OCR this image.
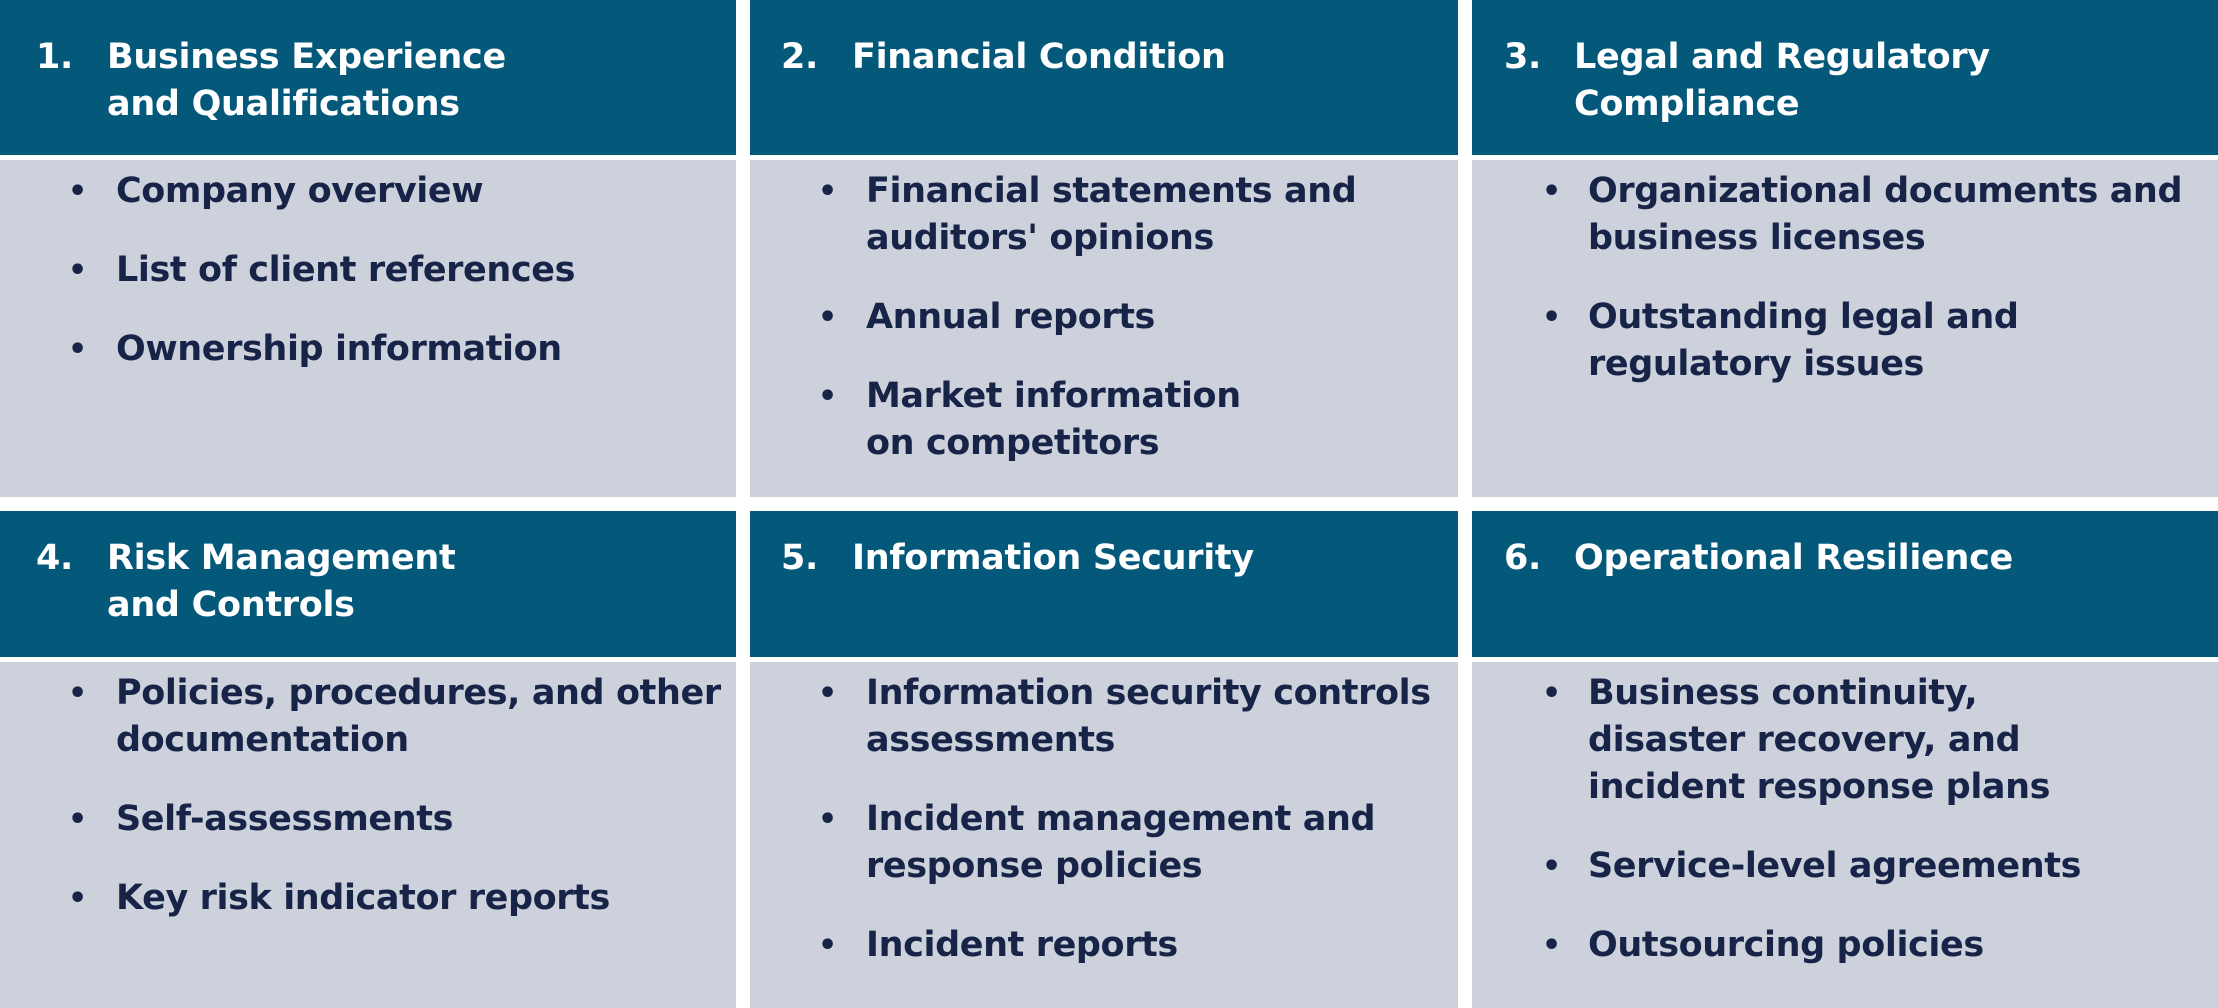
1. Business Experience
and Qualifications
• Company overview
• List of client references
• Ownership information
2. Financial Condition
• Financial statements and auditors' opinions
• Annual reports
• Market information on competitors
3. Legal and Regulatory
Compliance
• Organizational documents and business licenses
• Outstanding legal and regulatory issues
4. Risk Management
and Controls
• Policies, procedures, and other documentation
• Self-assessments
• Key risk indicator reports
5. Information Security
• Information security controls assessments
• Incident management and response policies
• Incident reports
6. Operational Resilience
• Business continuity, disaster recovery, and incident response plans
• Service-level agreements
• Outsourcing policies
